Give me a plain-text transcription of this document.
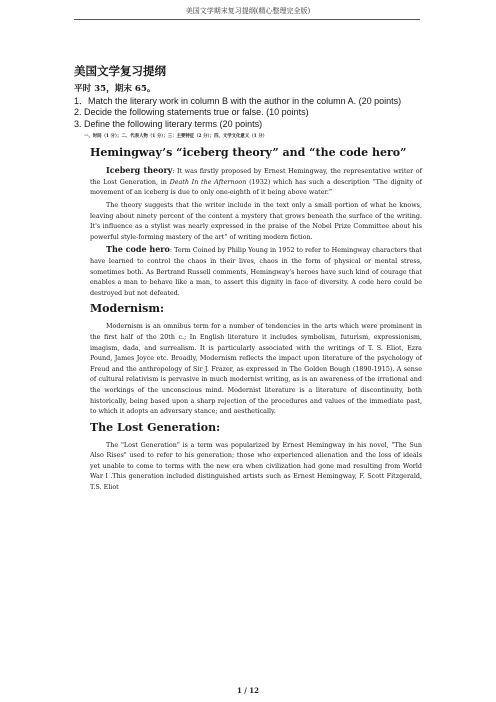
美国文学期末复习提纲(精心整理完全版)
美国文学复习提纲
平时 35，期末 65。

1．Match the literary work in column B with the author in the column A. (20 points)

2. Decide the following statements true or false. (10 points)

3. Define the following literary terms (20 points)

一、时间（1 分）；二、代表人物（1 分）；三：主要特征（2 分）；四、文学文化意义（1 分）
Hemingway’s “iceberg theory” and “the code hero”

Iceberg theory: It was firstly proposed by Ernest Hemingway, the representative writer of the Lost Generation, in Death In the Afternoon (1932) which has such a description “The dignity of movement of an iceberg is due to only one-eighth of it being above water.”

The theory suggests that the writer include in the text only a small portion of what he knows, leaving about ninety percent of the content a mystery that grows beneath the surface of the writing. It's influence as a stylist was nearly expressed in the praise of the Nobel Prize Committee about his powerful style-forming mastery of the art” of writing modern fiction.

The code hero: Term Coined by Philip Young in 1952 to refer to Hemingway characters that have learned to control the chaos in their lives, chaos in the form of physical or mental stress, sometimes both. As Bertrand Russell comments, Hemingway’s heroes have such kind of courage that enables a man to behave like a man, to assert this dignity in face of diversity. A code hero could be destroyed but not defeated.

Modernism:

Modernism is an omnibus term for a number of tendencies in the arts which were prominent in the first half of the 20th c.; In English literature it includes symbolism, futurism, expressionism, imagism, dada, and surrealism. It is particularly associated with the writings of T. S. Eliot, Ezra Pound, James Joyce etc. Broadly, Modernism reflects the impact upon literature of the psychology of Freud and the anthropology of Sir J. Frazer, as expressed in The Golden Bough (1890-1915). A sense of cultural relativism is pervasive in much modernist writing, as is an awareness of the irrational and the workings of the unconscious mind. Modernist literature is a literature of discontinuity, both historically, being based upon a sharp rejection of the procedures and values of the immediate past, to which it adopts an adversary stance; and aesthetically.

The Lost Generation:

The "Lost Generation" is a term was popularized by Ernest Hemingway in his novel, "The Sun Also Rises" used to refer to his generation; those who experienced alienation and the loss of ideals yet unable to come to terms with the new era when civilization had gone mad resulting from World War I .This generation included distinguished artists such as Ernest Hemingway, F. Scott Fitzgerald, T.S. Eliot

1 / 12
